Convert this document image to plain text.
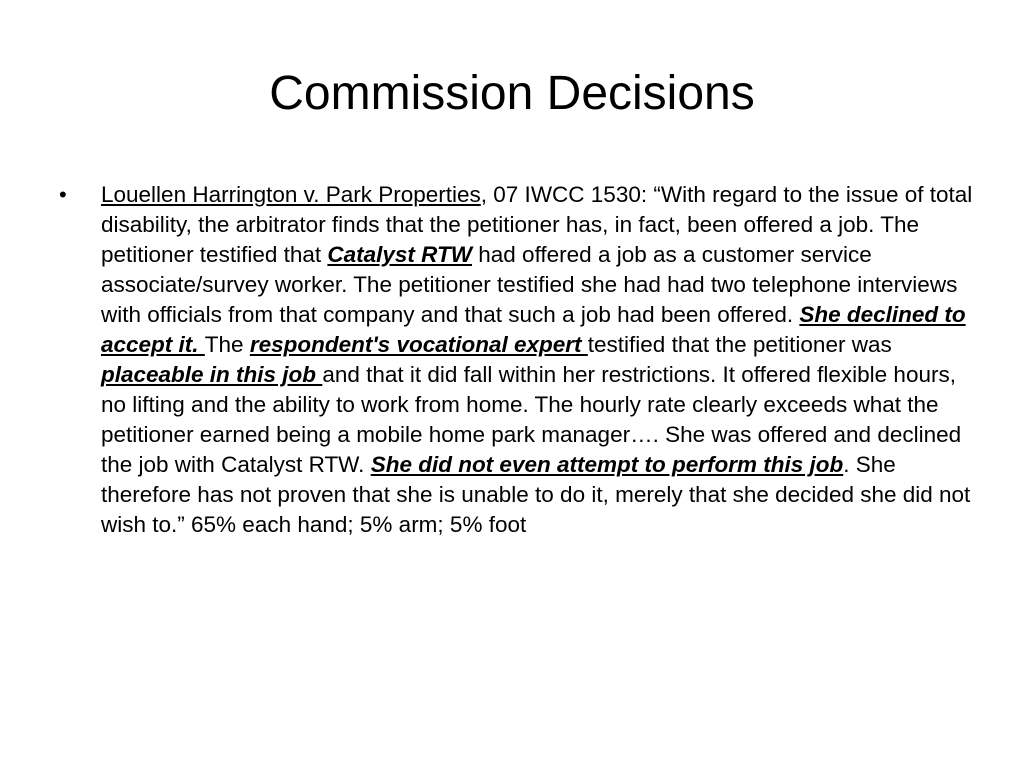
Commission Decisions
• Louellen Harrington v. Park Properties, 07 IWCC 1530: “With regard to the issue of total disability, the arbitrator finds that the petitioner has, in fact, been offered a job. The petitioner testified that Catalyst RTW had offered a job as a customer service associate/survey worker. The petitioner testified she had had two telephone interviews with officials from that company and that such a job had been offered. She declined to accept it. The respondent's vocational expert testified that the petitioner was placeable in this job and that it did fall within her restrictions. It offered flexible hours, no lifting and the ability to work from home. The hourly rate clearly exceeds what the petitioner earned being a mobile home park manager…. She was offered and declined the job with Catalyst RTW. She did not even attempt to perform this job. She therefore has not proven that she is unable to do it, merely that she decided she did not wish to.” 65% each hand; 5% arm; 5% foot
